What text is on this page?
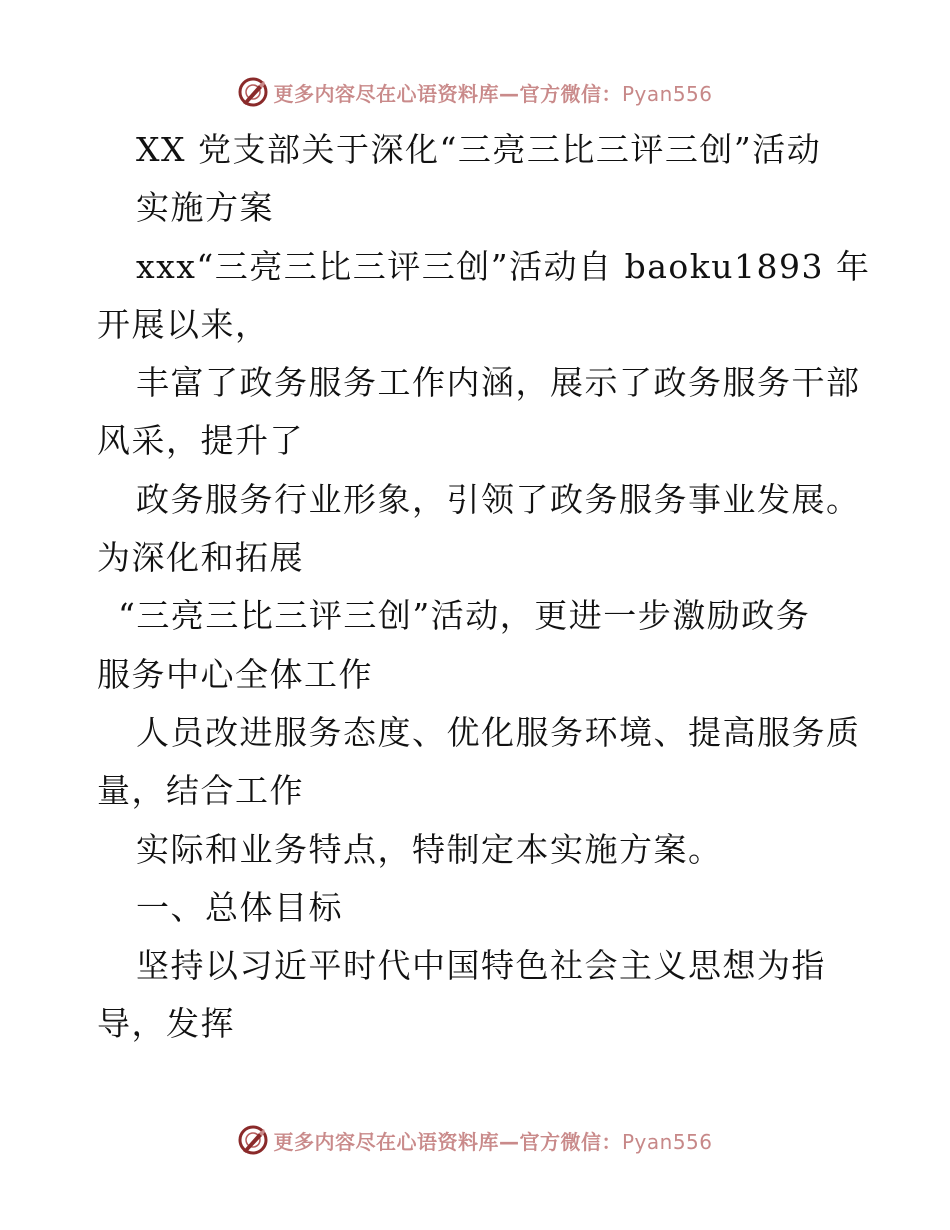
更多内容尽在心语资料库—官方微信：Pyan556
XX 党支部关于深化“三亮三比三评三创”活动
实施方案
xxx“三亮三比三评三创”活动自 baoku1893 年
开展以来，
丰富了政务服务工作内涵，展示了政务服务干部
风采，提升了
政务服务行业形象，引领了政务服务事业发展。
为深化和拓展
“三亮三比三评三创”活动，更进一步激励政务
服务中心全体工作
人员改进服务态度、优化服务环境、提高服务质
量，结合工作
实际和业务特点，特制定本实施方案。
一、总体目标
坚持以习近平时代中国特色社会主义思想为指
导，发挥
更多内容尽在心语资料库—官方微信：Pyan556
